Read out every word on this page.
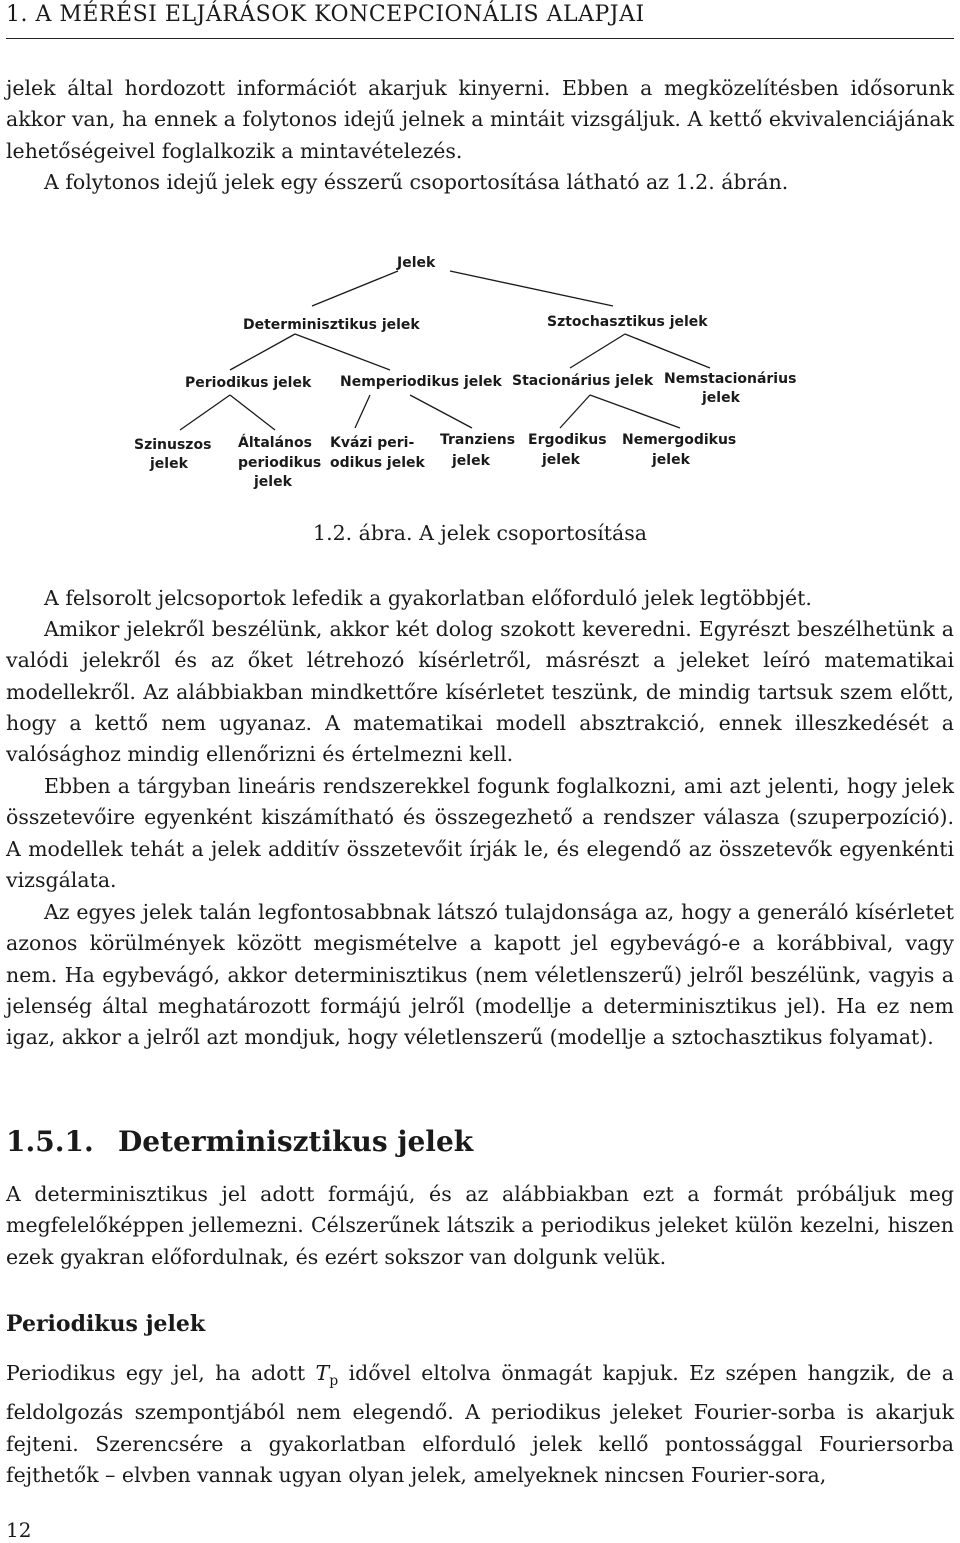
1. A MÉRÉSI ELJÁRÁSOK KONCEPCIONÁLIS ALAPJAI

jelek által hordozott információt akarjuk kinyerni. Ebben a megközelítésben idősorunk akkor van, ha ennek a folytonos idejű jelnek a mintáit vizsgáljuk. A kettő ekvivalenciájának lehetőségeivel foglalkozik a mintavételezés.

A folytonos idejű jelek egy ésszerű csoportosítása látható az 1.2. ábrán.

Jelek
Determinisztikus jelek	Sztochasztikus jelek
Periodikus jelek Nemperiodikus jelek Stacionárius jelek Nemstacionárius
jelek
Szinuszos
jelek
Általános
periodikus
jelek
Kvázi peri-
odikus jelek
Tranziens
jelek
Ergodikus
jelek
Nemergodikus
jelek
1.2. ábra. A jelek csoportosítása

A felsorolt jelcsoportok lefedik a gyakorlatban előforduló jelek legtöbbjét.

Amikor jelekről beszélünk, akkor két dolog szokott keveredni. Egyrészt beszélhetünk a valódi jelekről és az őket létrehozó kísérletről, másrészt a jeleket leíró matematikai modellekről. Az alábbiakban mindkettőre kísérletet teszünk, de mindig tartsuk szem előtt, hogy a kettő nem ugyanaz. A matematikai modell absztrakció, ennek illeszkedését a valósághoz mindig ellenőrizni és értelmezni kell.

Ebben a tárgyban lineáris rendszerekkel fogunk foglalkozni, ami azt jelenti, hogy jelek összetevőire egyenként kiszámítható és összegezhető a rendszer válasza (szuperpozíció). A modellek tehát a jelek additív összetevőit írják le, és elegendő az összetevők egyenkénti vizsgálata.

Az egyes jelek talán legfontosabbnak látszó tulajdonsága az, hogy a generáló kísérletet azonos körülmények között megismételve a kapott jel egybevágó-e a korábbival, vagy nem. Ha egybevágó, akkor determinisztikus (nem véletlenszerű) jelről beszélünk, vagyis a jelenség által meghatározott formájú jelről (modellje a determinisztikus jel). Ha ez nem igaz, akkor a jelről azt mondjuk, hogy véletlenszerű (modellje a sztochasztikus folyamat).

1.5.1. Determinisztikus jelek

A determinisztikus jel adott formájú, és az alábbiakban ezt a formát próbáljuk meg megfelelőképpen jellemezni. Célszerűnek látszik a periodikus jeleket külön kezelni, hiszen ezek gyakran előfordulnak, és ezért sokszor van dolgunk velük.

Periodikus jelek

Periodikus egy jel, ha adott $T_p$ idővel eltolva önmagát kapjuk. Ez szépen hangzik, de a feldolgozás szempontjából nem elegendő. A periodikus jeleket Fourier-sorba is akarjuk fejteni. Szerencsére a gyakorlatban elforduló jelek kellő pontossággal Fouriersorba fejthetők – elvben vannak ugyan olyan jelek, amelyeknek nincsen Fourier-sora,

12
